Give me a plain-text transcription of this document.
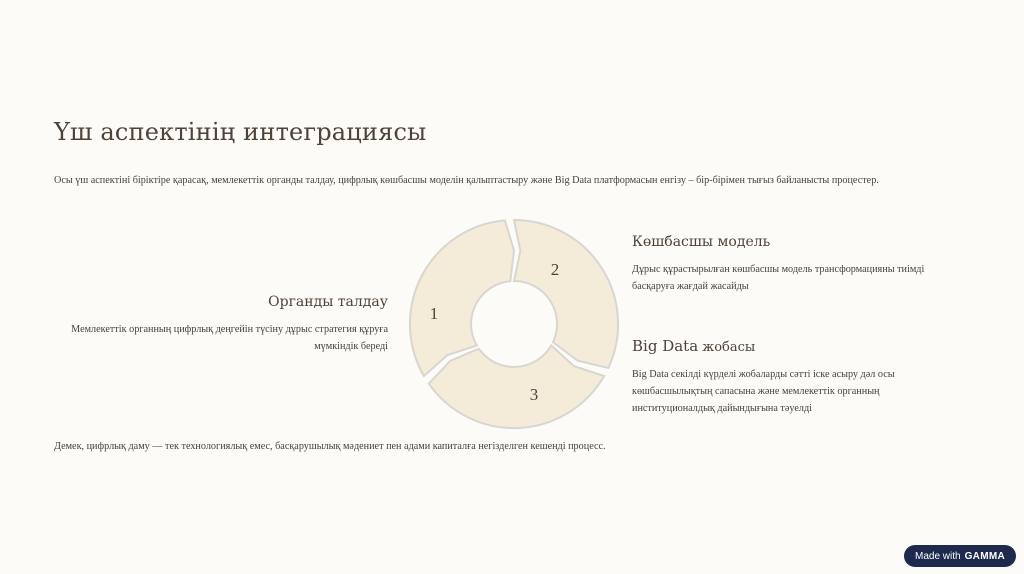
Үш аспектінің интеграциясы
Осы үш аспектіні біріктіре қарасақ, мемлекеттік органды талдау, цифрлық көшбасшы моделін қалыптастыру және Big Data платформасын енгізу – бір-бірімен тығыз байланысты процестер.
Органды талдау
Мемлекеттік органның цифрлық деңгейін түсіну дұрыс стратегия құруға мүмкіндік береді
Көшбасшы модель
Дұрыс құрастырылған көшбасшы модель трансформацияны тиімді басқаруға жағдай жасайды
Big Data жобасы
Big Data секілді күрделі жобаларды сәтті іске асыру дәл осы көшбасшылықтың сапасына және мемлекеттік органның институционалдық дайындығына тәуелді
1
2
3
Демек, цифрлық даму — тек технологиялық емес, басқарушылық мәдениет пен адами капиталға негізделген кешенді процесс.
Made with GAMMA
